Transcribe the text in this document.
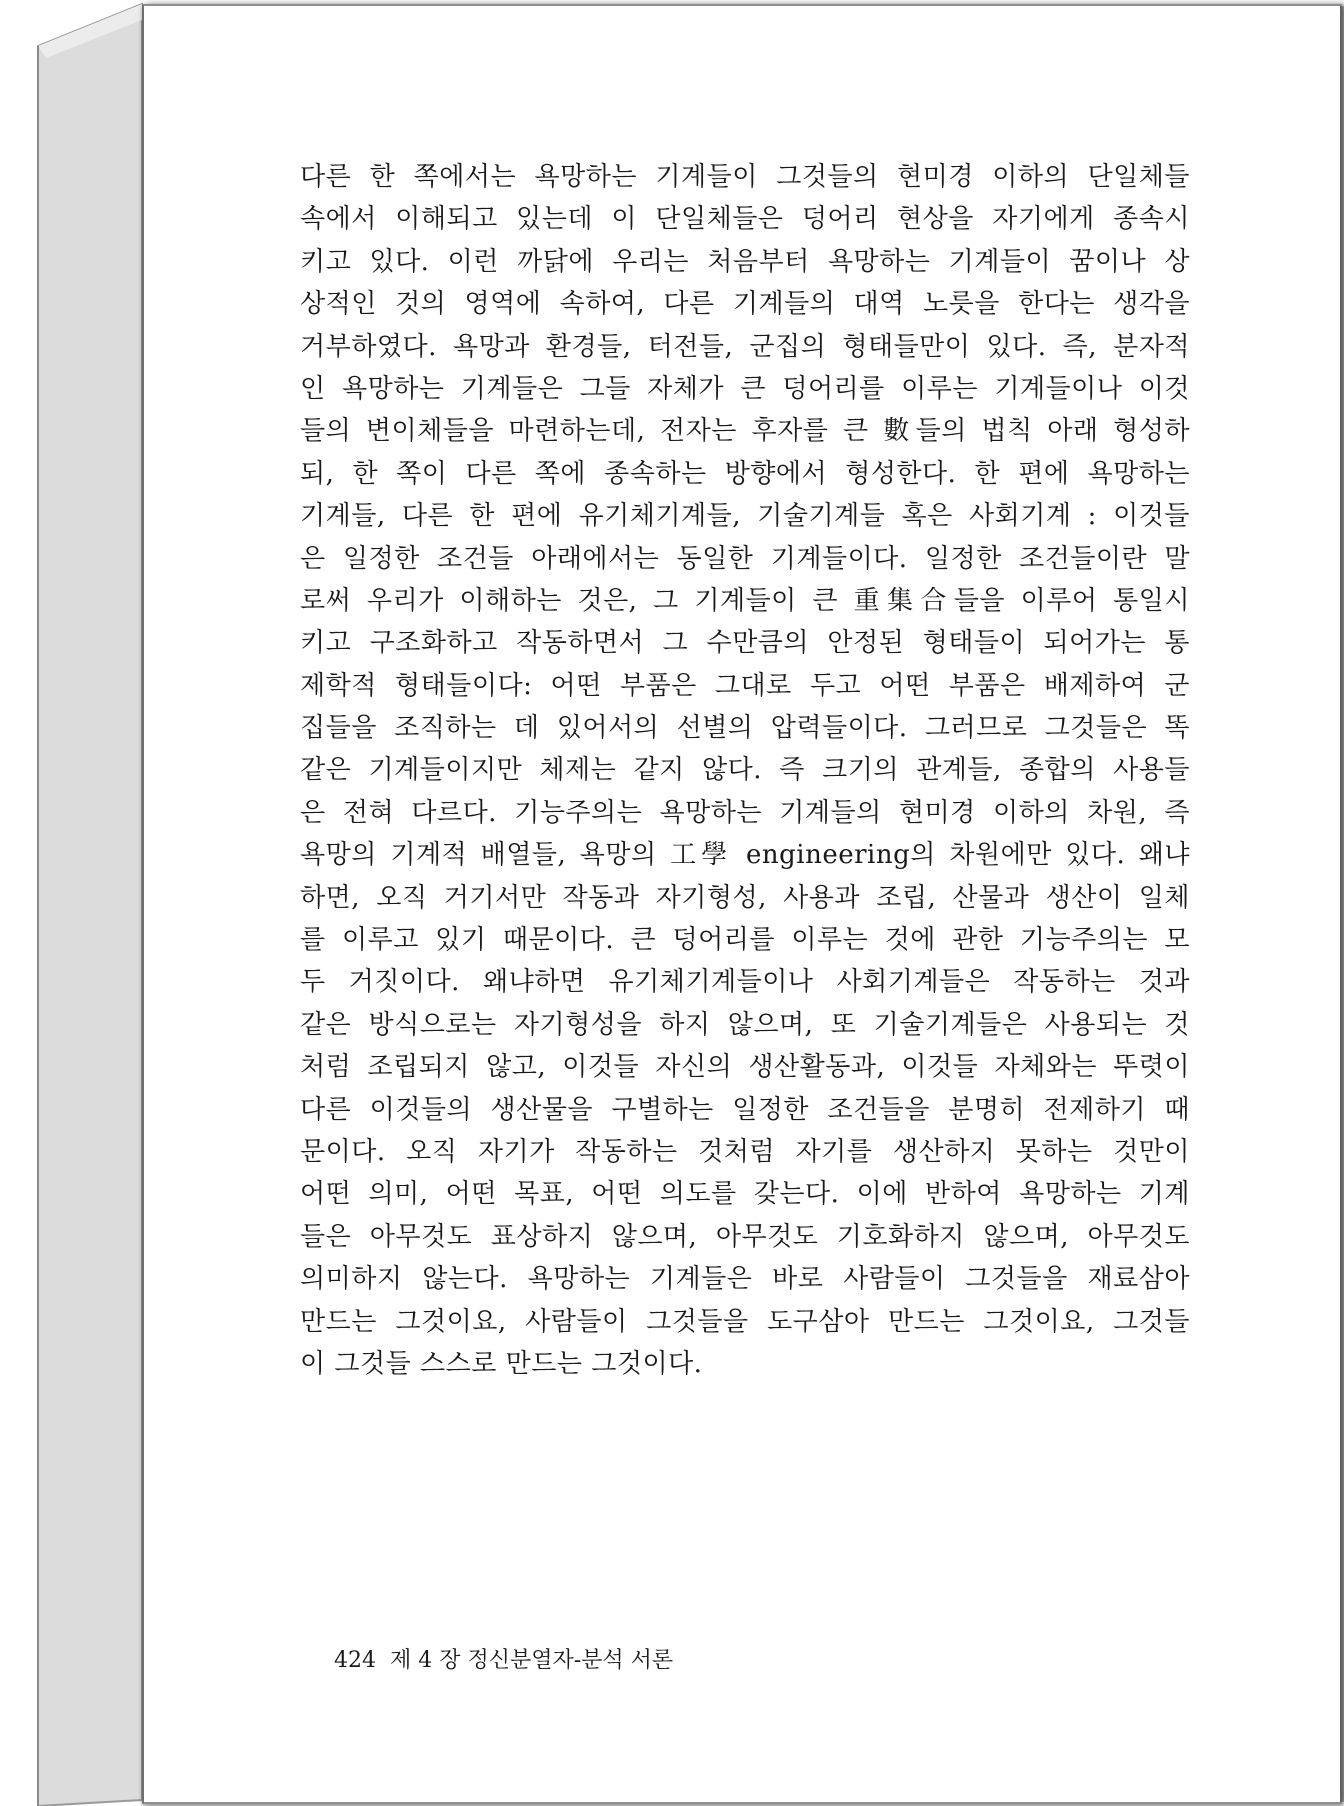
다른 한 쪽에서는 욕망하는 기계들이 그것들의 현미경 이하의 단일체들
속에서 이해되고 있는데 이 단일체들은 덩어리 현상을 자기에게 종속시
키고 있다. 이런 까닭에 우리는 처음부터 욕망하는 기계들이 꿈이나 상
상적인 것의 영역에 속하여, 다른 기계들의 대역 노릇을 한다는 생각을
거부하였다. 욕망과 환경들, 터전들, 군집의 형태들만이 있다. 즉, 분자적
인 욕망하는 기계들은 그들 자체가 큰 덩어리를 이루는 기계들이나 이것
들의 변이체들을 마련하는데, 전자는 후자를 큰 數들의 법칙 아래 형성하
되, 한 쪽이 다른 쪽에 종속하는 방향에서 형성한다. 한 편에 욕망하는
기계들, 다른 한 편에 유기체기계들, 기술기계들 혹은 사회기계 : 이것들
은 일정한 조건들 아래에서는 동일한 기계들이다. 일정한 조건들이란 말
로써 우리가 이해하는 것은, 그 기계들이 큰 重集合들을 이루어 통일시
키고 구조화하고 작동하면서 그 수만큼의 안정된 형태들이 되어가는 통
제학적 형태들이다: 어떤 부품은 그대로 두고 어떤 부품은 배제하여 군
집들을 조직하는 데 있어서의 선별의 압력들이다. 그러므로 그것들은 똑
같은 기계들이지만 체제는 같지 않다. 즉 크기의 관계들, 종합의 사용들
은 전혀 다르다. 기능주의는 욕망하는 기계들의 현미경 이하의 차원, 즉
욕망의 기계적 배열들, 욕망의 工學 engineering의 차원에만 있다. 왜냐
하면, 오직 거기서만 작동과 자기형성, 사용과 조립, 산물과 생산이 일체
를 이루고 있기 때문이다. 큰 덩어리를 이루는 것에 관한 기능주의는 모
두 거짓이다. 왜냐하면 유기체기계들이나 사회기계들은 작동하는 것과
같은 방식으로는 자기형성을 하지 않으며, 또 기술기계들은 사용되는 것
처럼 조립되지 않고, 이것들 자신의 생산활동과, 이것들 자체와는 뚜렷이
다른 이것들의 생산물을 구별하는 일정한 조건들을 분명히 전제하기 때
문이다. 오직 자기가 작동하는 것처럼 자기를 생산하지 못하는 것만이
어떤 의미, 어떤 목표, 어떤 의도를 갖는다. 이에 반하여 욕망하는 기계
들은 아무것도 표상하지 않으며, 아무것도 기호화하지 않으며, 아무것도
의미하지 않는다. 욕망하는 기계들은 바로 사람들이 그것들을 재료삼아
만드는 그것이요, 사람들이 그것들을 도구삼아 만드는 그것이요, 그것들
이 그것들 스스로 만드는 그것이다.
424 제 4 장 정신분열자-분석 서론
